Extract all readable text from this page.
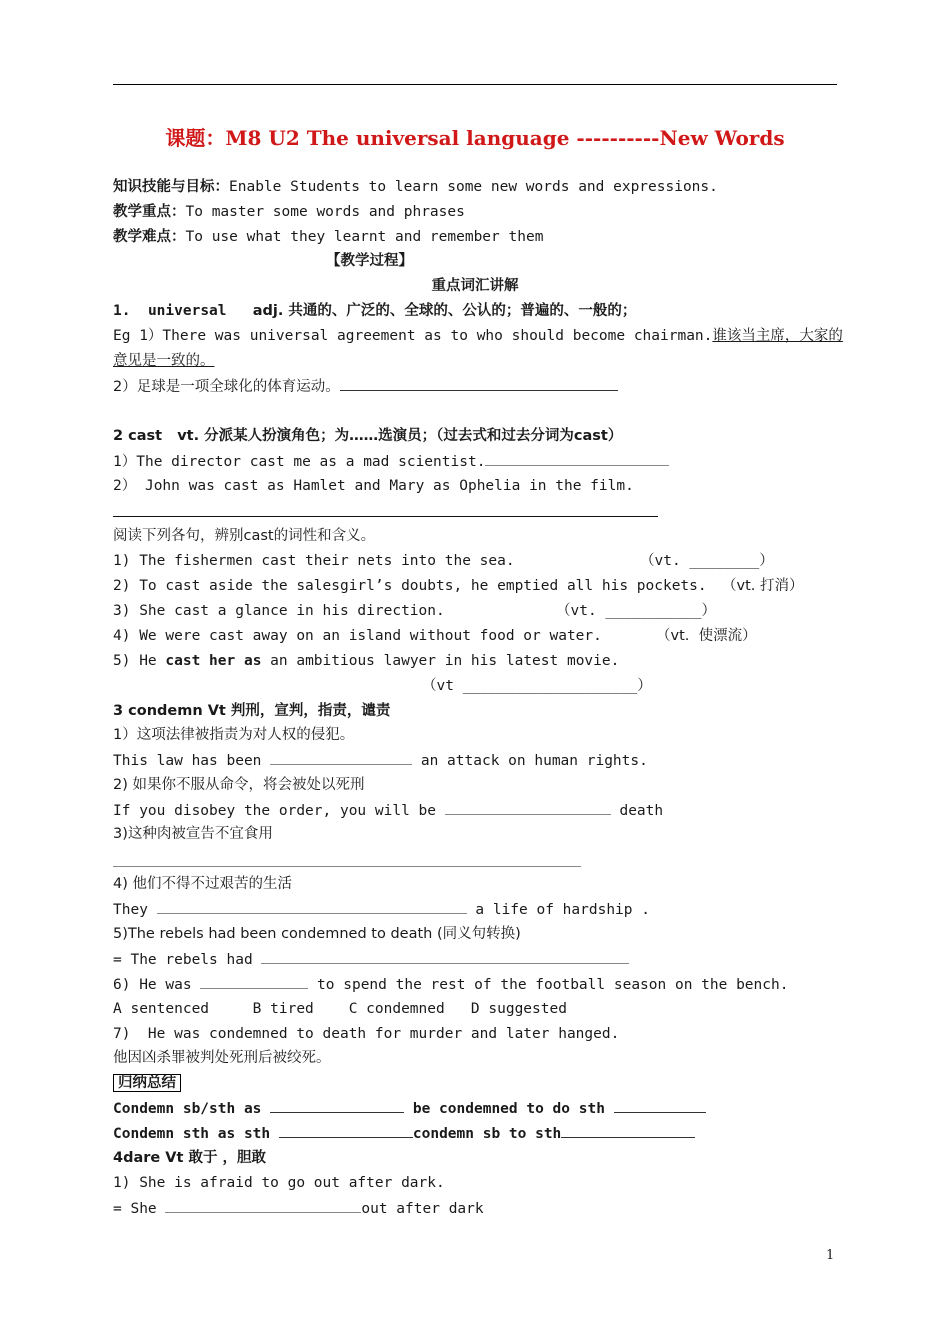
课题：M8 U2 The universal language ----------New Words
知识技能与目标：Enable Students to learn some new words and expressions.
教学重点：To master some words and phrases
教学难点：To use what they learnt and remember them
【教学过程】
重点词汇讲解
1. universal adj. 共通的、广泛的、全球的、公认的；普遍的、一般的；
Eg 1）There was universal agreement as to who should become chairman.谁该当主席，大家的
意见是一致的。
2）足球是一项全球化的体育运动。
2 cast   vt. 分派某人扮演角色；为……选演员；（过去式和过去分词为cast）
1）The director cast me as a mad scientist.
2） John was cast as Hamlet and Mary as Ophelia in the film.
阅读下列各句，辨别cast的词性和含义。
1) The fishermen cast their nets into the sea.	（vt. ________）
2) To cast aside the salesgirl’s doubts, he emptied all his pockets. （vt. 打消）
3) She cast a glance in his direction.	（vt. ___________）
4) We were cast away on an island without food or water.	（vt.  使漂流）
5) He cast her as an ambitious lawyer in his latest movie.
（vt ____________________）
3 condemn Vt 判刑，宣判，指责，谴责
1）这项法律被指责为对人权的侵犯。
This law has been	an attack on human rights.
2) 如果你不服从命令，将会被处以死刑
If you disobey the order, you will be	death
3)这种肉被宣告不宜食用
4) 他们不得不过艰苦的生活
They	a life of hardship .
5)The rebels had been condemned to death (同义句转换)
= The rebels had
6) He was	to spend the rest of the football season on the bench.
A sentenced     B tired    C condemned   D suggested
7)  He was condemned to death for murder and later hanged.
他因凶杀罪被判处死刑后被绞死。
归纳总结
Condemn sb/sth as	be condemned to do sth
Condemn sth as sth	condemn sb to sth
4dare Vt 敢于 ，胆敢
1) She is afraid to go out after dark.
= She	out after dark
1
